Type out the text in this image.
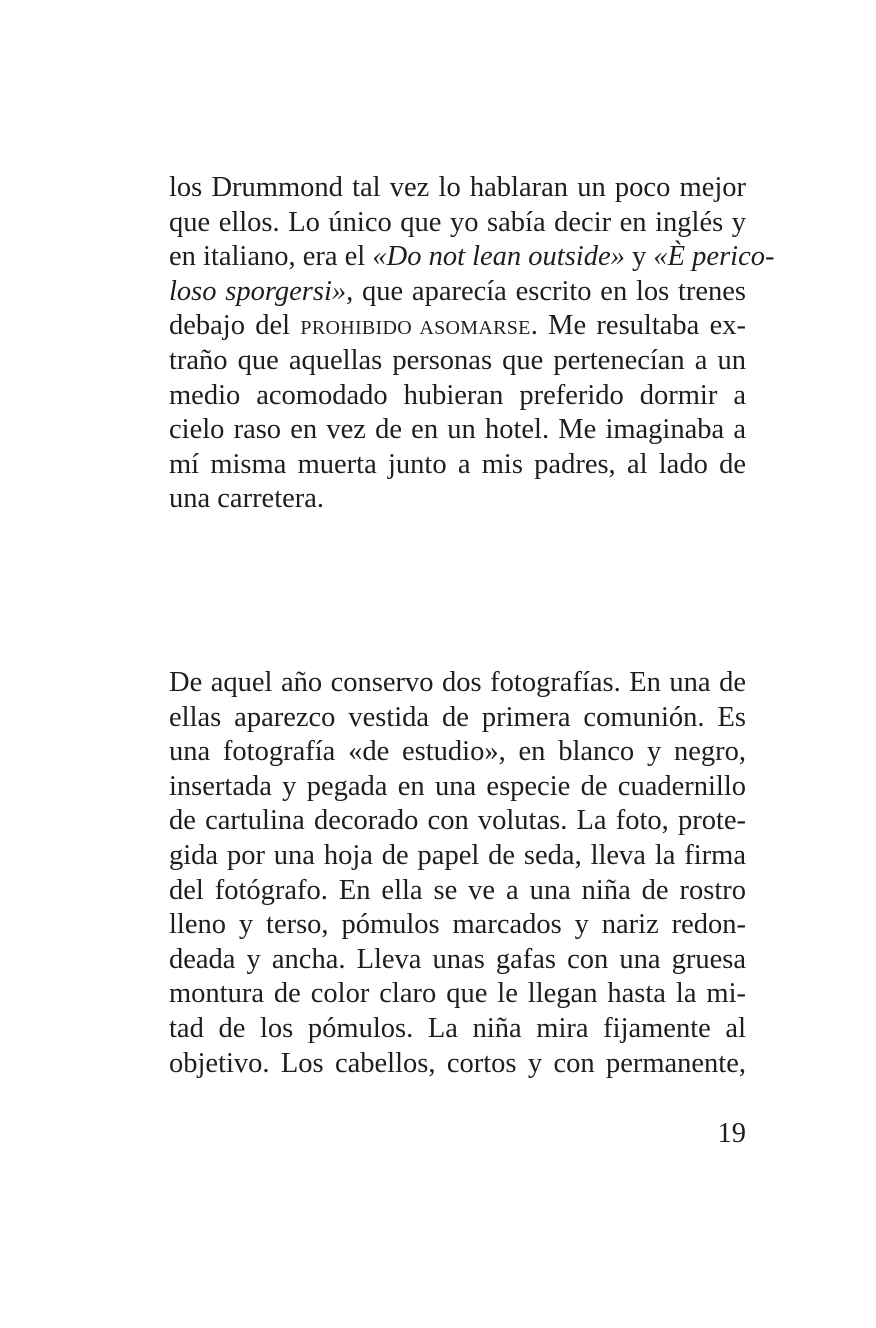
los Drummond tal vez lo hablaran un poco mejor
que ellos. Lo único que yo sabía decir en inglés y
en italiano, era el «Do not lean outside» y «È perico-
loso sporgersi», que aparecía escrito en los trenes
debajo del PROHIBIDO ASOMARSE. Me resultaba ex-
traño que aquellas personas que pertenecían a un
medio acomodado hubieran preferido dormir a
cielo raso en vez de en un hotel. Me imaginaba a
mí misma muerta junto a mis padres, al lado de
una carretera.
De aquel año conservo dos fotografías. En una de
ellas aparezco vestida de primera comunión. Es
una fotografía «de estudio», en blanco y negro,
insertada y pegada en una especie de cuadernillo
de cartulina decorado con volutas. La foto, prote-
gida por una hoja de papel de seda, lleva la firma
del fotógrafo. En ella se ve a una niña de rostro
lleno y terso, pómulos marcados y nariz redon-
deada y ancha. Lleva unas gafas con una gruesa
montura de color claro que le llegan hasta la mi-
tad de los pómulos. La niña mira fijamente al
objetivo. Los cabellos, cortos y con permanente,
19
